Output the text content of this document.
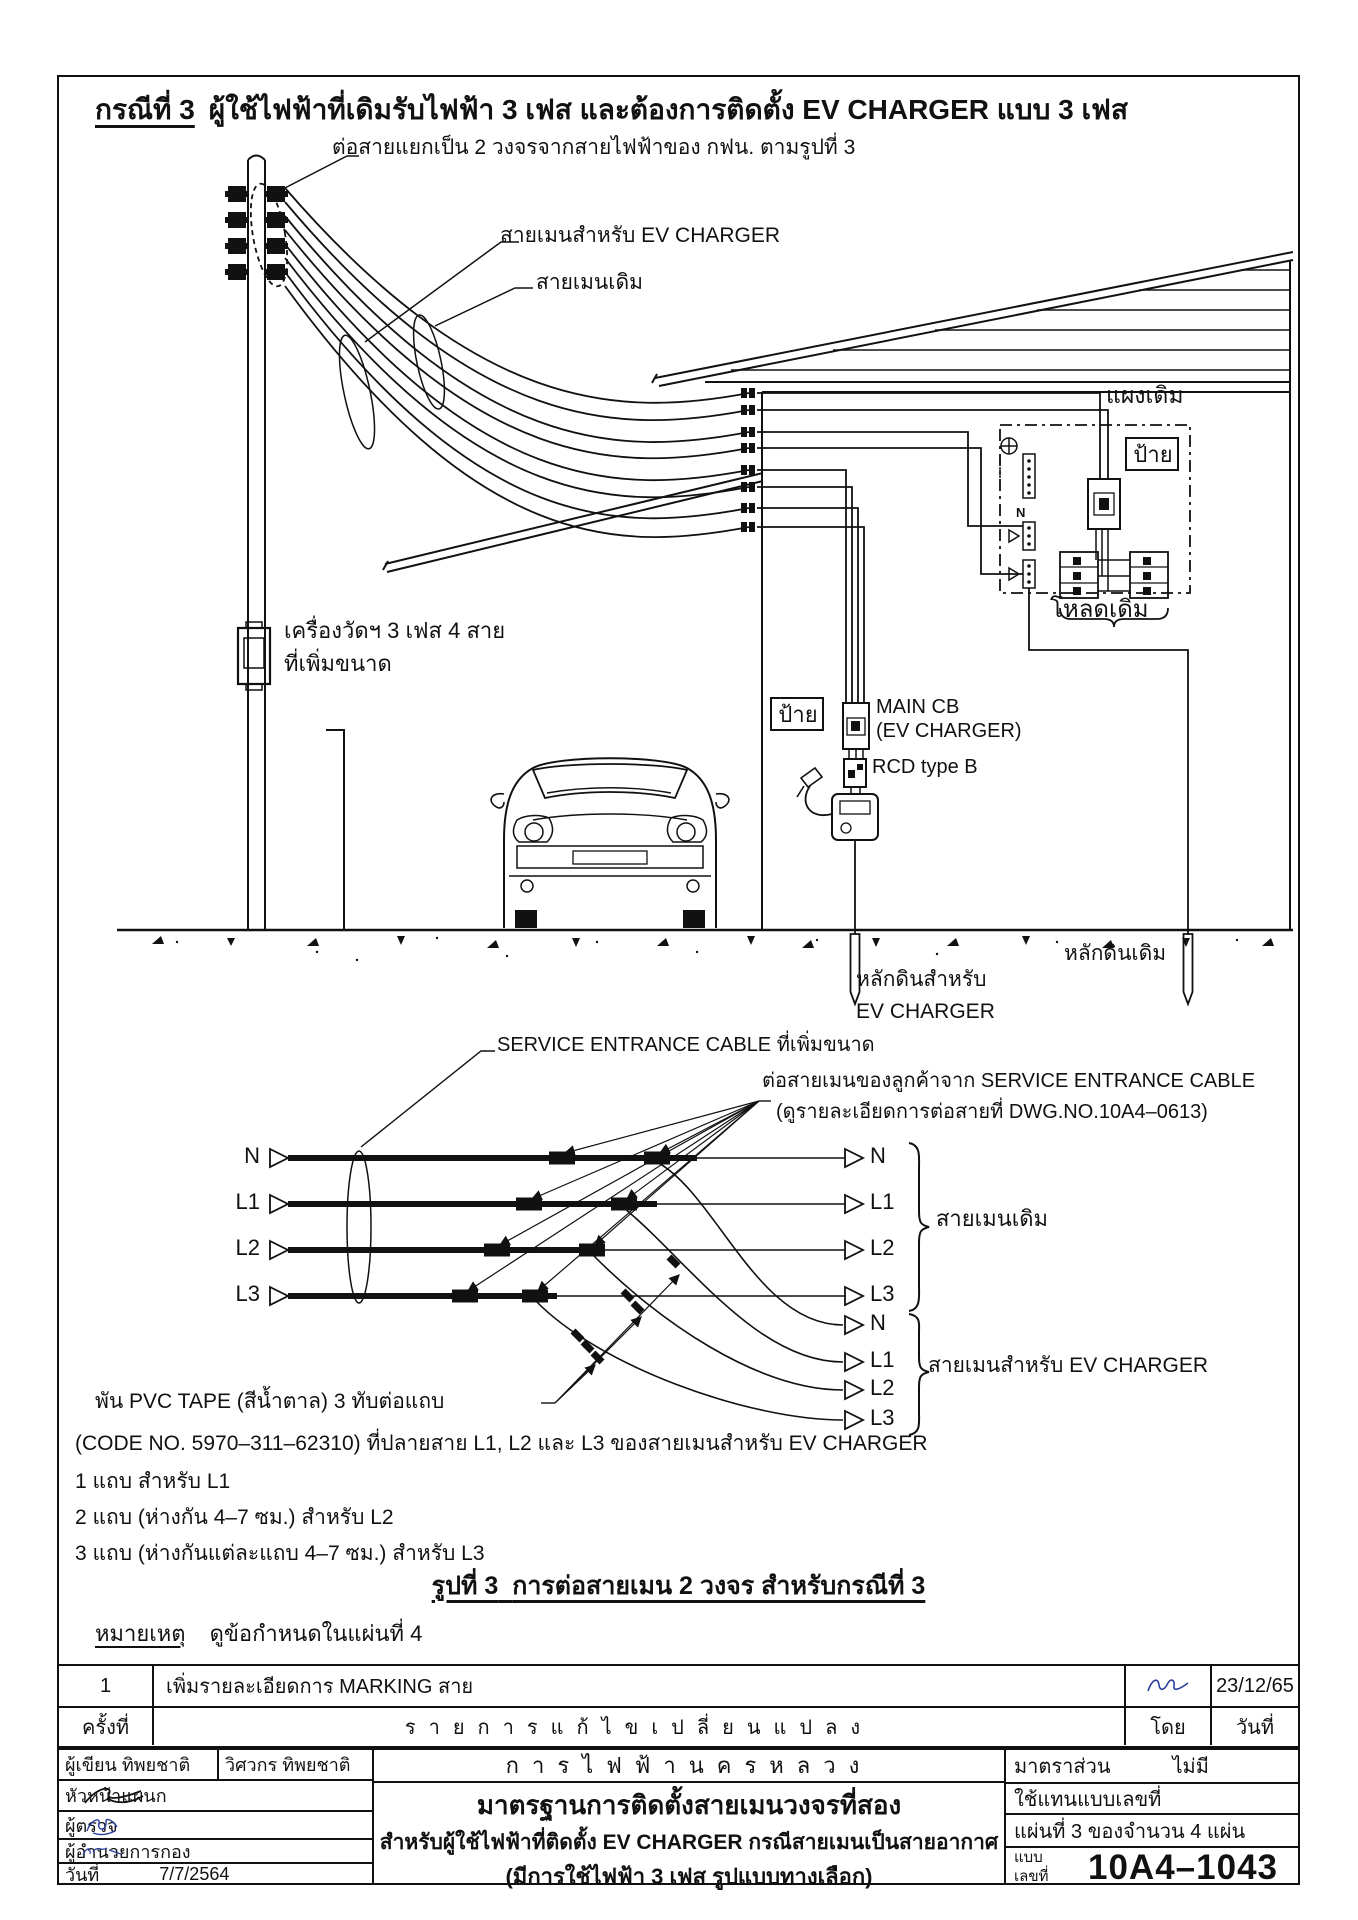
กรณีที่ 3 ผู้ใช้ไฟฟ้าที่เดิมรับไฟฟ้า 3 เฟส และต้องการติดตั้ง EV CHARGER แบบ 3 เฟส
ต่อสายแยกเป็น 2 วงจรจากสายไฟฟ้าของ กฟน. ตามรูปที่ 3
สายเมนสำหรับ EV CHARGER
สายเมนเดิม
เครื่องวัดฯ 3 เฟส 4 สาย
ที่เพิ่มขนาด
แผงเดิม
ป้าย
N
โหลดเดิม
ป้าย	MAIN CB
(EV CHARGER)
RCD type B
หลักดินสำหรับ
EV CHARGER
หลักดินเดิม
SERVICE ENTRANCE CABLE ที่เพิ่มขนาด
ต่อสายเมนของลูกค้าจาก SERVICE ENTRANCE CABLE
(ดูรายละเอียดการต่อสายที่ DWG.NO.10A4–0613)
N
L1
L2
L3
N
L1
L2
L3
สายเมนเดิม
N
L1
L2
L3
สายเมนสำหรับ EV CHARGER
พัน PVC TAPE (สีน้ำตาล) 3 ทับต่อแถบ
(CODE NO. 5970–311–62310) ที่ปลายสาย L1, L2 และ L3 ของสายเมนสำหรับ EV CHARGER
1 แถบ สำหรับ L1
2 แถบ (ห่างกัน 4–7 ซม.) สำหรับ L2
3 แถบ (ห่างกันแต่ละแถบ 4–7 ซม.) สำหรับ L3
รูปที่ 3 การต่อสายเมน 2 วงจร สำหรับกรณีที่ 3
หมายเหตุ ดูข้อกำหนดในแผ่นที่ 4
1	เพิ่มรายละเอียดการ MARKING สาย	23/12/65
ครั้งที่	รายการแก้ไขเปลี่ยนแปลง	โดย	วันที่
ผู้เขียน ทิพยชาติ	วิศวกร ทิพยชาติ
หัวหน้าแผนก
ผู้ตรวจ
ผู้อำนวยการกอง
วันที่	7/7/2564
การไฟฟ้านครหลวง
มาตรฐานการติดตั้งสายเมนวงจรที่สอง
สำหรับผู้ใช้ไฟฟ้าที่ติดตั้ง EV CHARGER กรณีสายเมนเป็นสายอากาศ
(มีการใช้ไฟฟ้า 3 เฟส รูปแบบทางเลือก)
มาตราส่วน	ไม่มี
ใช้แทนแบบเลขที่
แผ่นที่ 3 ของจำนวน 4 แผ่น
แบบ
เลขที่	10A4–1043
